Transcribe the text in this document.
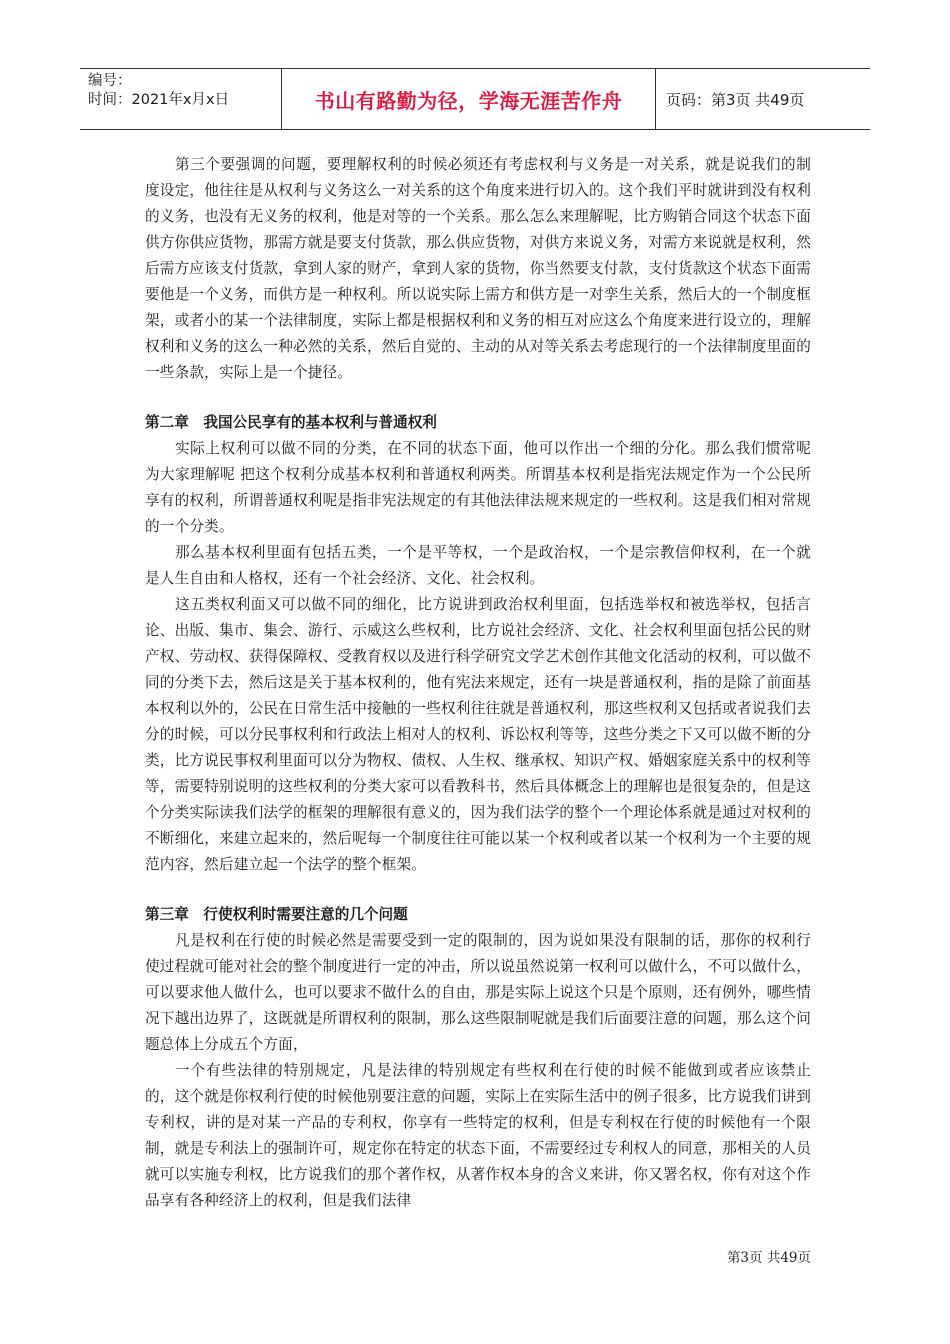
编号：
时间：2021年x月x日	书山有路勤为径，学海无涯苦作舟	页码：第3页 共49页

第三个要强调的问题，要理解权利的时候必须还有考虑权利与义务是一对关系，就是说我们的制度设定，他往往是从权利与义务这么一对关系的这个角度来进行切入的。这个我们平时就讲到没有权利的义务，也没有无义务的权利，他是对等的一个关系。那么怎么来理解呢，比方购销合同这个状态下面供方你供应货物，那需方就是要支付货款，那么供应货物，对供方来说义务，对需方来说就是权利，然后需方应该支付货款，拿到人家的财产，拿到人家的货物，你当然要支付款，支付货款这个状态下面需要他是一个义务，而供方是一种权利。所以说实际上需方和供方是一对孪生关系，然后大的一个制度框架，或者小的某一个法律制度，实际上都是根据权利和义务的相互对应这么个角度来进行设立的，理解权利和义务的这么一种必然的关系，然后自觉的、主动的从对等关系去考虑现行的一个法律制度里面的一些条款，实际上是一个捷径。

第二章　我国公民享有的基本权利与普通权利

实际上权利可以做不同的分类，在不同的状态下面，他可以作出一个细的分化。那么我们惯常呢为大家理解呢 把这个权利分成基本权利和普通权利两类。所谓基本权利是指宪法规定作为一个公民所享有的权利，所谓普通权利呢是指非宪法规定的有其他法律法规来规定的一些权利。这是我们相对常规的一个分类。

那么基本权利里面有包括五类，一个是平等权，一个是政治权，一个是宗教信仰权利，在一个就是人生自由和人格权，还有一个社会经济、文化、社会权利。

这五类权利面又可以做不同的细化，比方说讲到政治权利里面，包括选举权和被选举权，包括言论、出版、集市、集会、游行、示威这么些权利，比方说社会经济、文化、社会权利里面包括公民的财产权、劳动权、获得保障权、受教育权以及进行科学研究文学艺术创作其他文化活动的权利，可以做不同的分类下去，然后这是关于基本权利的，他有宪法来规定，还有一块是普通权利，指的是除了前面基本权利以外的，公民在日常生活中接触的一些权利往往就是普通权利，那这些权利又包括或者说我们去分的时候，可以分民事权利和行政法上相对人的权利、诉讼权利等等，这些分类之下又可以做不断的分类，比方说民事权利里面可以分为物权、债权、人生权、继承权、知识产权、婚姻家庭关系中的权利等等，需要特别说明的这些权利的分类大家可以看教科书，然后具体概念上的理解也是很复杂的，但是这个分类实际读我们法学的框架的理解很有意义的，因为我们法学的整个一个理论体系就是通过对权利的不断细化，来建立起来的，然后呢每一个制度往往可能以某一个权利或者以某一个权利为一个主要的规范内容，然后建立起一个法学的整个框架。

第三章　行使权利时需要注意的几个问题

凡是权利在行使的时候必然是需要受到一定的限制的，因为说如果没有限制的话，那你的权利行使过程就可能对社会的整个制度进行一定的冲击，所以说虽然说第一权利可以做什么，不可以做什么，可以要求他人做什么，也可以要求不做什么的自由，那是实际上说这个只是个原则，还有例外，哪些情况下越出边界了，这既就是所谓权利的限制，那么这些限制呢就是我们后面要注意的问题，那么这个问题总体上分成五个方面，

一个有些法律的特别规定，凡是法律的特别规定有些权利在行使的时候不能做到或者应该禁止的，这个就是你权利行使的时候他别要注意的问题，实际上在实际生活中的例子很多，比方说我们讲到专利权，讲的是对某一产品的专利权，你享有一些特定的权利，但是专利权在行使的时候他有一个限制，就是专利法上的强制许可，规定你在特定的状态下面，不需要经过专利权人的同意，那相关的人员就可以实施专利权，比方说我们的那个著作权，从著作权本身的含义来讲，你又署名权，你有对这个作品享有各种经济上的权利，但是我们法律

第3页 共49页
